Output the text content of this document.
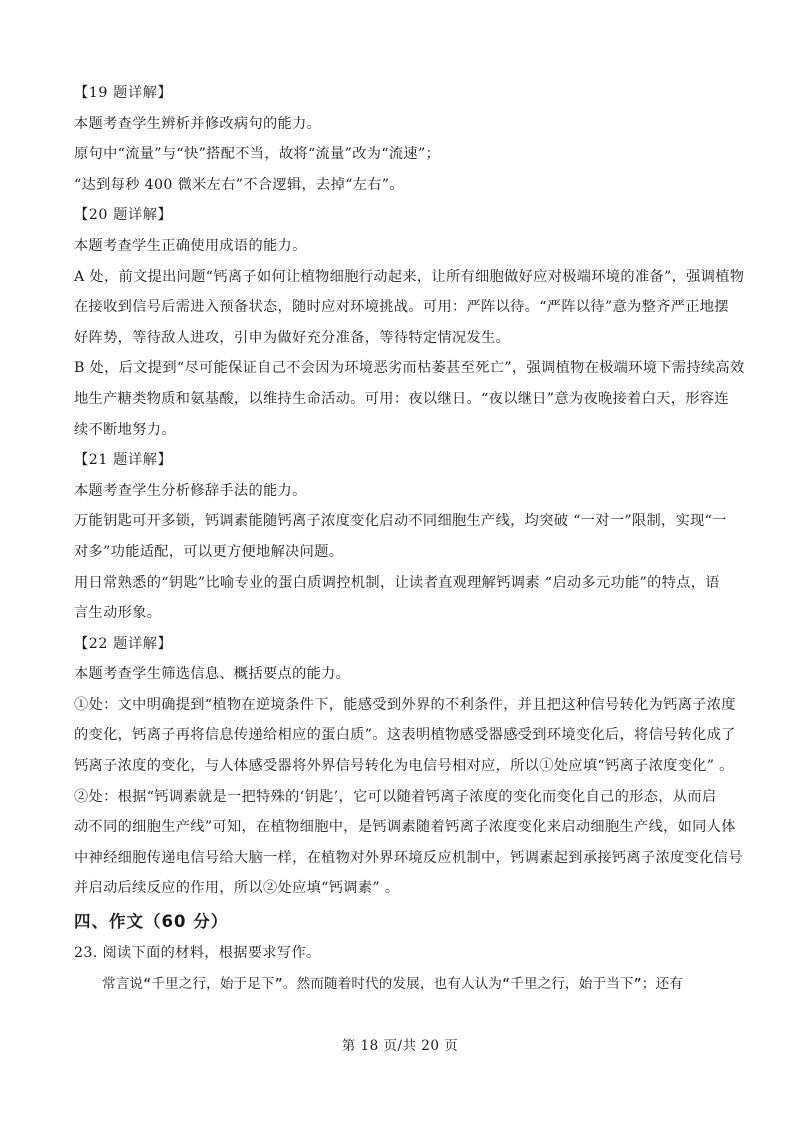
【19 题详解】
本题考查学生辨析并修改病句的能力。
原句中“流量”与“快”搭配不当，故将“流量”改为“流速”；
“达到每秒 400 微米左右”不合逻辑，去掉“左右”。
【20 题详解】
本题考查学生正确使用成语的能力。
A 处，前文提出问题“钙离子如何让植物细胞行动起来，让所有细胞做好应对极端环境的准备”，强调植物
在接收到信号后需进入预备状态，随时应对环境挑战。可用：严阵以待。“严阵以待”意为整齐严正地摆
好阵势，等待敌人进攻，引申为做好充分准备，等待特定情况发生。
B 处，后文提到“尽可能保证自己不会因为环境恶劣而枯萎甚至死亡”，强调植物在极端环境下需持续高效
地生产糖类物质和氨基酸，以维持生命活动。可用：夜以继日。“夜以继日”意为夜晚接着白天，形容连
续不断地努力。
【21 题详解】
本题考查学生分析修辞手法的能力。
万能钥匙可开多锁，钙调素能随钙离子浓度变化启动不同细胞生产线，均突破 “一对一”限制，实现“一
对多”功能适配，可以更方便地解决问题。
用日常熟悉的“钥匙”比喻专业的蛋白质调控机制，让读者直观理解钙调素 “启动多元功能”的特点，语
言生动形象。
【22 题详解】
本题考查学生筛选信息、概括要点的能力。
①处：文中明确提到“植物在逆境条件下，能感受到外界的不利条件，并且把这种信号转化为钙离子浓度
的变化，钙离子再将信息传递给相应的蛋白质”。这表明植物感受器感受到环境变化后，将信号转化成了
钙离子浓度的变化，与人体感受器将外界信号转化为电信号相对应，所以①处应填“钙离子浓度变化” 。
②处：根据“钙调素就是一把特殊的‘钥匙’，它可以随着钙离子浓度的变化而变化自己的形态，从而启
动不同的细胞生产线”可知，在植物细胞中，是钙调素随着钙离子浓度变化来启动细胞生产线，如同人体
中神经细胞传递电信号给大脑一样，在植物对外界环境反应机制中，钙调素起到承接钙离子浓度变化信号
并启动后续反应的作用，所以②处应填“钙调素” 。
四、作文（60 分）
23. 阅读下面的材料，根据要求写作。
常言说“千里之行，始于足下”。然而随着时代的发展，也有人认为“千里之行，始于当下”；还有
第 18 页/共 20 页
